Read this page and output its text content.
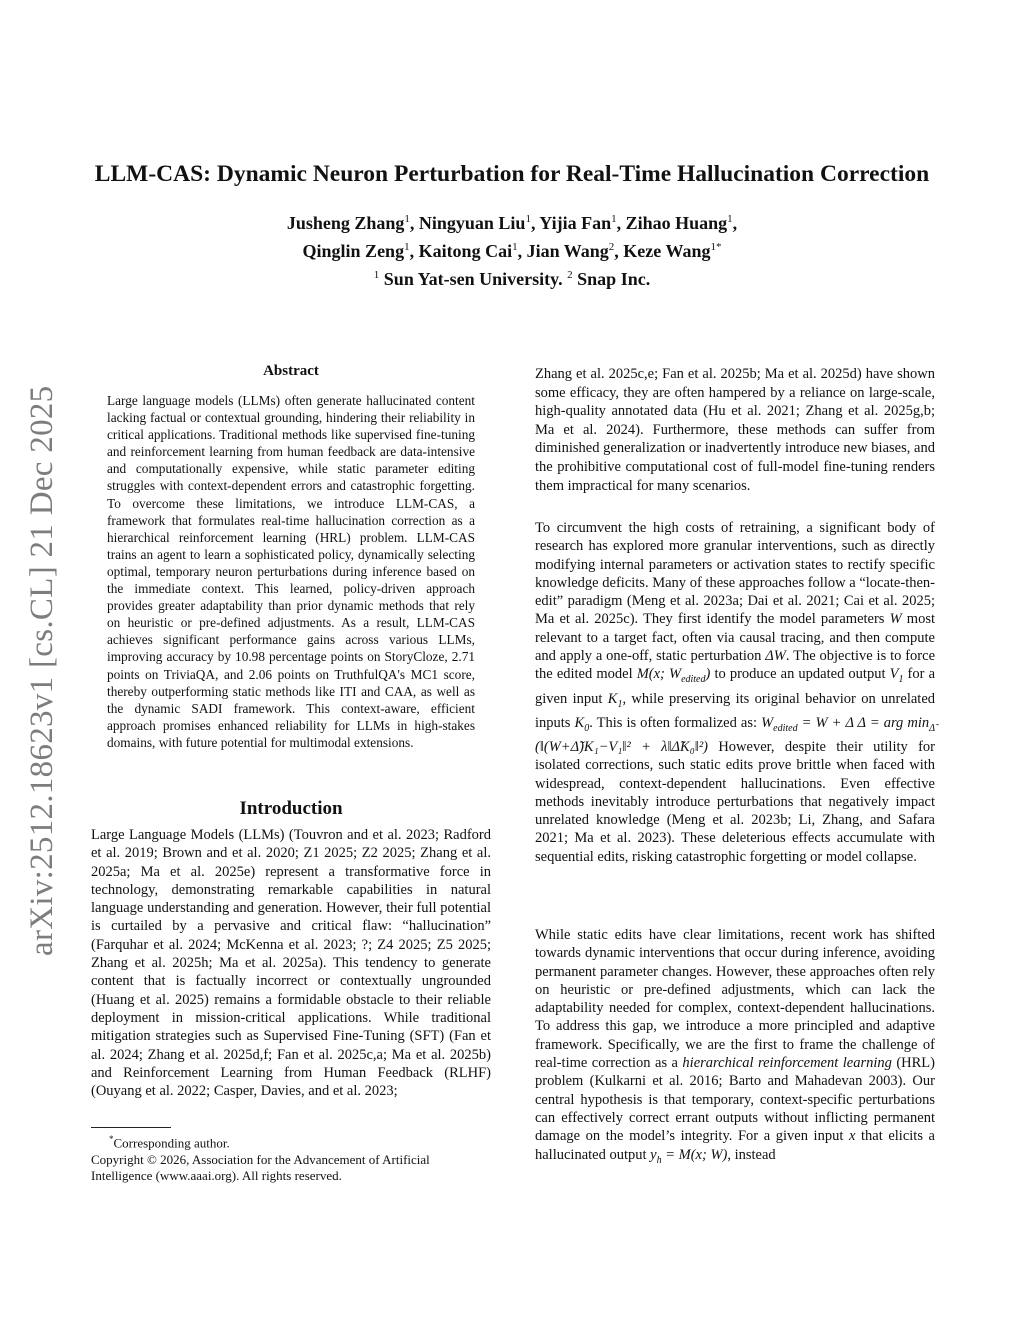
arXiv:2512.18623v1 [cs.CL] 21 Dec 2025
LLM-CAS: Dynamic Neuron Perturbation for Real-Time Hallucination Correction
Jusheng Zhang$^1$, Ningyuan Liu$^1$, Yijia Fan$^1$, Zihao Huang$^1$,
Qinglin Zeng$^1$, Kaitong Cai$^1$, Jian Wang$^2$, Keze Wang$^{1*}$
$^1$ Sun Yat-sen University. $^2$ Snap Inc.
Abstract
Large language models (LLMs) often generate hallucinated content lacking factual or contextual grounding, hindering their reliability in critical applications. Traditional methods like supervised fine-tuning and reinforcement learning from human feedback are data-intensive and computationally expensive, while static parameter editing struggles with context-dependent errors and catastrophic forgetting. To overcome these limitations, we introduce LLM-CAS, a framework that formulates real-time hallucination correction as a hierarchical reinforcement learning (HRL) problem. LLM-CAS trains an agent to learn a sophisticated policy, dynamically selecting optimal, temporary neuron perturbations during inference based on the immediate context. This learned, policy-driven approach provides greater adaptability than prior dynamic methods that rely on heuristic or pre-defined adjustments. As a result, LLM-CAS achieves significant performance gains across various LLMs, improving accuracy by 10.98 percentage points on StoryCloze, 2.71 points on TriviaQA, and 2.06 points on TruthfulQA's MC1 score, thereby outperforming static methods like ITI and CAA, as well as the dynamic SADI framework. This context-aware, efficient approach promises enhanced reliability for LLMs in high-stakes domains, with future potential for multimodal extensions.
Introduction
Large Language Models (LLMs) (Touvron and et al. 2023; Radford et al. 2019; Brown and et al. 2020; Z1 2025; Z2 2025; Zhang et al. 2025a; Ma et al. 2025e) represent a transformative force in technology, demonstrating remarkable capabilities in natural language understanding and generation. However, their full potential is curtailed by a pervasive and critical flaw: “hallucination” (Farquhar et al. 2024; McKenna et al. 2023; ?; Z4 2025; Z5 2025; Zhang et al. 2025h; Ma et al. 2025a). This tendency to generate content that is factually incorrect or contextually ungrounded (Huang et al. 2025) remains a formidable obstacle to their reliable deployment in mission-critical applications. While traditional mitigation strategies such as Supervised Fine-Tuning (SFT) (Fan et al. 2024; Zhang et al. 2025d,f; Fan et al. 2025c,a; Ma et al. 2025b) and Reinforcement Learning from Human Feedback (RLHF) (Ouyang et al. 2022; Casper, Davies, and et al. 2023;
*Corresponding author.
Copyright © 2026, Association for the Advancement of Artificial
Intelligence (www.aaai.org). All rights reserved.
Zhang et al. 2025c,e; Fan et al. 2025b; Ma et al. 2025d) have shown some efficacy, they are often hampered by a reliance on large-scale, high-quality annotated data (Hu et al. 2021; Zhang et al. 2025g,b; Ma et al. 2024). Furthermore, these methods can suffer from diminished generalization or inadvertently introduce new biases, and the prohibitive computational cost of full-model fine-tuning renders them impractical for many scenarios.
To circumvent the high costs of retraining, a significant body of research has explored more granular interventions, such as directly modifying internal parameters or activation states to rectify specific knowledge deficits. Many of these approaches follow a “locate-then-edit” paradigm (Meng et al. 2023a; Dai et al. 2021; Cai et al. 2025; Ma et al. 2025c). They first identify the model parameters W most relevant to a target fact, often via causal tracing, and then compute and apply a one-off, static perturbation ΔW. The objective is to force the edited model M(x; $W_{edited}$) to produce an updated output $V_1$ for a given input $K_1$, while preserving its original behavior on unrelated inputs $K_0$. This is often formalized as: $W_{edited} = W + \Delta$ Δ = arg $\min_{\Deltã}$ (‖(W+Δ̃)K₁−V₁‖² + λ‖Δ̃K₀‖²) However, despite their utility for isolated corrections, such static edits prove brittle when faced with widespread, context-dependent hallucinations. Even effective methods inevitably introduce perturbations that negatively impact unrelated knowledge (Meng et al. 2023b; Li, Zhang, and Safara 2021; Ma et al. 2023). These deleterious effects accumulate with sequential edits, risking catastrophic forgetting or model collapse.
While static edits have clear limitations, recent work has shifted towards dynamic interventions that occur during inference, avoiding permanent parameter changes. However, these approaches often rely on heuristic or pre-defined adjustments, which can lack the adaptability needed for complex, context-dependent hallucinations. To address this gap, we introduce a more principled and adaptive framework. Specifically, we are the first to frame the challenge of real-time correction as a hierarchical reinforcement learning (HRL) problem (Kulkarni et al. 2016; Barto and Mahadevan 2003). Our central hypothesis is that temporary, context-specific perturbations can effectively correct errant outputs without inflicting permanent damage on the model’s integrity. For a given input x that elicits a hallucinated output $y_h = M(x$; W), instead
